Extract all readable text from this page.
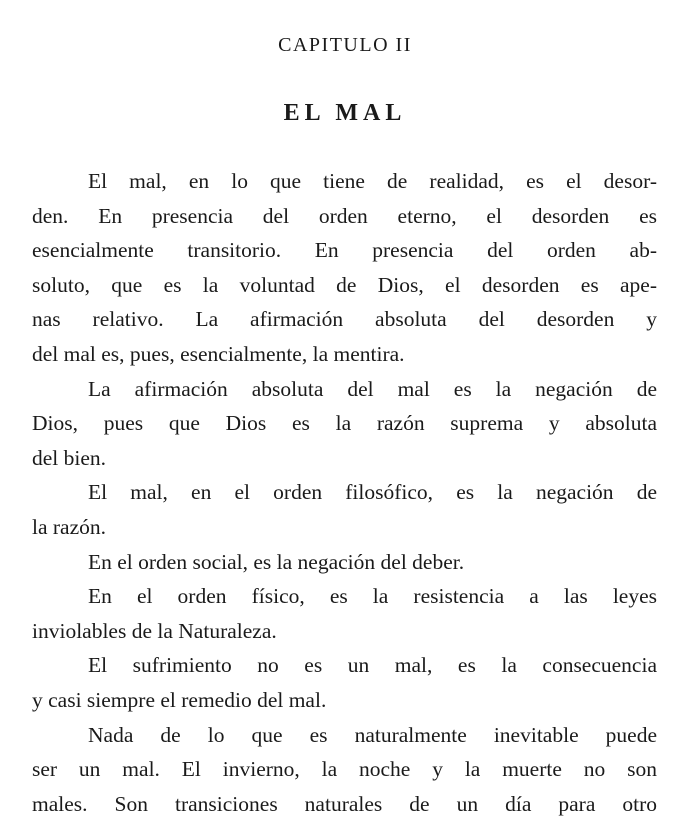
CAPITULO II
EL MAL
El mal, en lo que tiene de realidad, es el desor-
den. En presencia del orden eterno, el desorden es
esencialmente transitorio. En presencia del orden ab-
soluto, que es la voluntad de Dios, el desorden es ape-
nas relativo. La afirmación absoluta del desorden y
del mal es, pues, esencialmente, la mentira.
La afirmación absoluta del mal es la negación de
Dios, pues que Dios es la razón suprema y absoluta
del bien.
El mal, en el orden filosófico, es la negación de
la razón.
En el orden social, es la negación del deber.
En el orden físico, es la resistencia a las leyes
inviolables de la Naturaleza.
El sufrimiento no es un mal, es la consecuencia
y casi siempre el remedio del mal.
Nada de lo que es naturalmente inevitable puede
ser un mal. El invierno, la noche y la muerte no son
males. Son transiciones naturales de un día para otro
